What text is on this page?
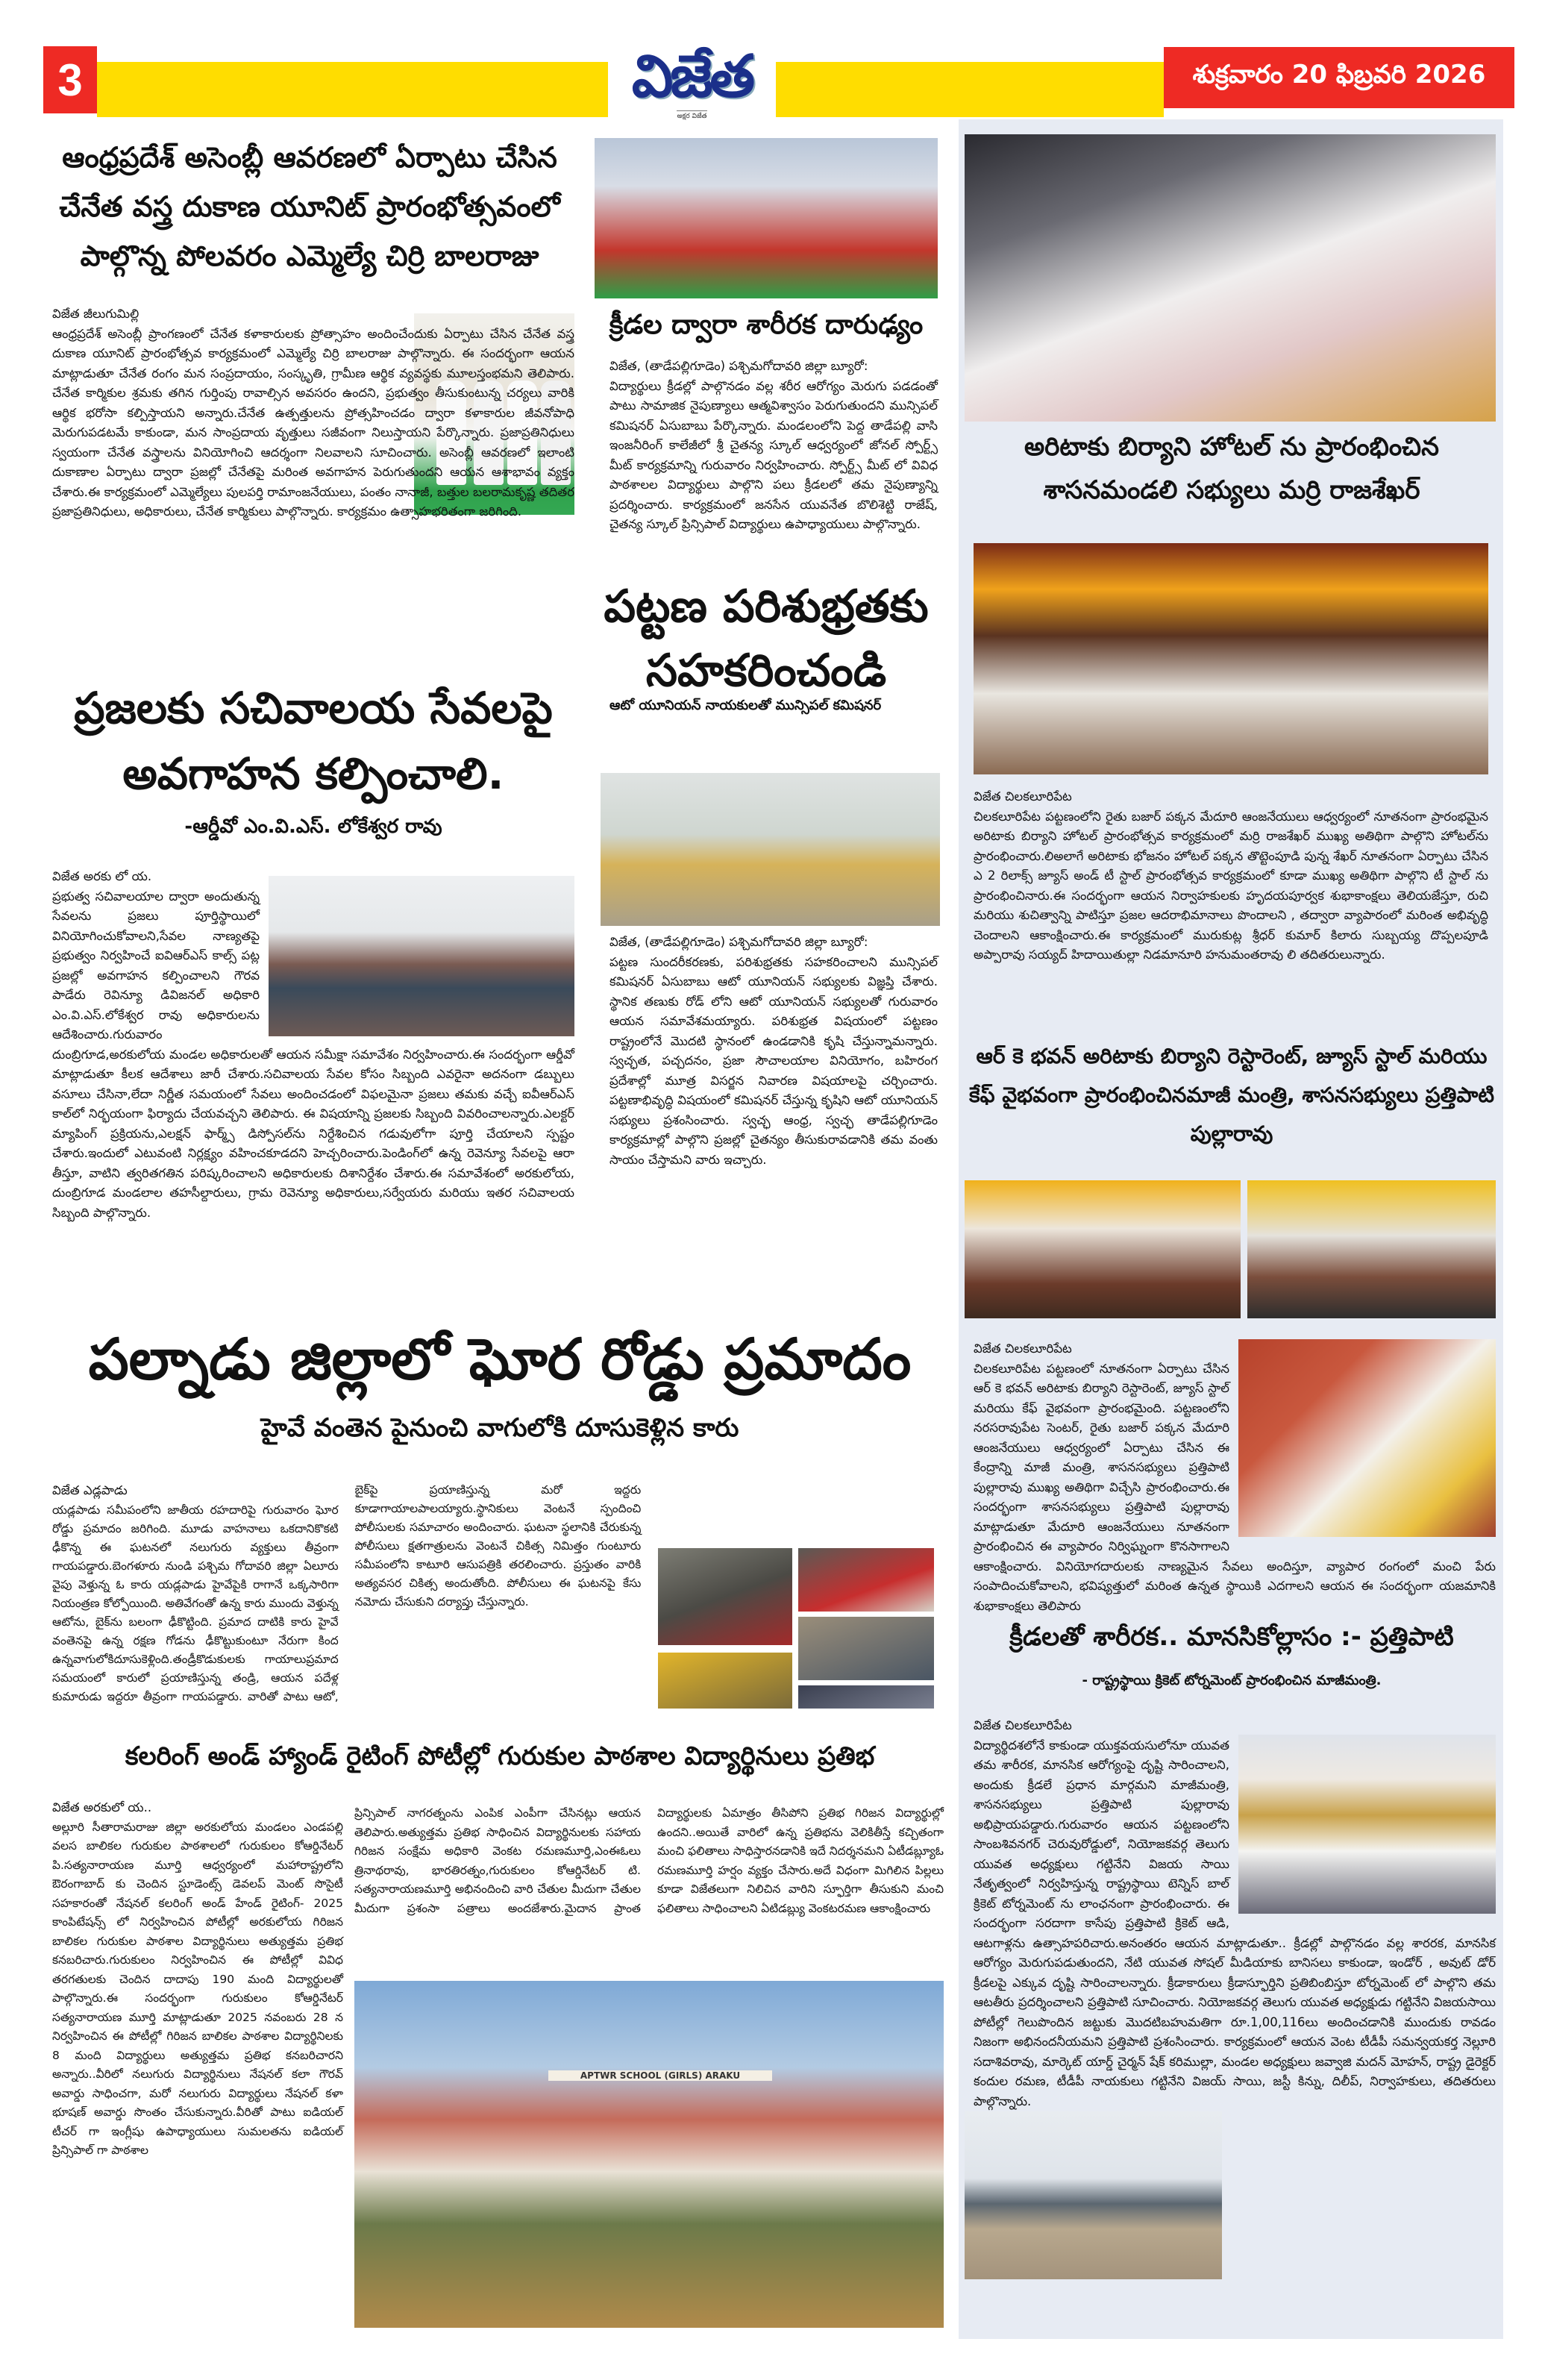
3	విజేత
అక్షర విజేత
శుక్రవారం 20 ఫిబ్రవరి 2026
ఆంధ్రప్రదేశ్ అసెంబ్లీ ఆవరణలో ఏర్పాటు చేసిన చేనేత వస్త్ర దుకాణ యూనిట్ ప్రారంభోత్సవంలో పాల్గొన్న పోలవరం ఎమ్మెల్యే చిర్రి బాలరాజు
విజేత జీలుగుమిల్లి

ఆంధ్రప్రదేశ్ అసెంబ్లీ ప్రాంగణంలో చేనేత కళాకారులకు ప్రోత్సాహం అందించేందుకు ఏర్పాటు చేసిన చేనేత వస్త్ర దుకాణ యూనిట్ ప్రారంభోత్సవ కార్యక్రమంలో ఎమ్మెల్యే చిర్రి బాలరాజు పాల్గొన్నారు. ఈ సందర్భంగా ఆయన మాట్లాడుతూ చేనేత రంగం మన సంప్రదాయం, సంస్కృతి, గ్రామీణ ఆర్థిక వ్యవస్థకు మూలస్తంభమని తెలిపారు. చేనేత కార్మికుల శ్రమకు తగిన గుర్తింపు రావాల్సిన అవసరం ఉందని, ప్రభుత్వం తీసుకుంటున్న చర్యలు వారికి ఆర్థిక భరోసా కల్పిస్తాయని అన్నారు.చేనేత ఉత్పత్తులను ప్రోత్సహించడం ద్వారా కళాకారుల జీవనోపాధి మెరుగుపడటమే కాకుండా, మన సాంప్రదాయ వృత్తులు సజీవంగా నిలుస్తాయని పేర్కొన్నారు. ప్రజాప్రతినిధులు స్వయంగా చేనేత వస్త్రాలను వినియోగించి ఆదర్శంగా నిలవాలని సూచించారు. అసెంబ్లీ ఆవరణలో ఇలాంటి దుకాణాల ఏర్పాటు ద్వారా ప్రజల్లో చేనేతపై మరింత అవగాహన పెరుగుతుందని ఆయన ఆశాభావం వ్యక్తం చేశారు.ఈ కార్యక్రమంలో ఎమ్మెల్యేలు పులపర్తి రామాంజనేయులు, పంతం నానాజీ, బత్తుల బలరామకృష్ణ తదితర ప్రజాప్రతినిధులు, అధికారులు, చేనేత కార్మికులు పాల్గొన్నారు. కార్యక్రమం ఉత్సాహభరితంగా జరిగింది.

ప్రజలకు సచివాలయ సేవలపై
అవగాహన కల్పించాలి.
-ఆర్డీవో ఎం.వి.ఎస్. లోకేశ్వర రావు
విజేత అరకు లో య.

ప్రభుత్వ సచివాలయాల ద్వారా అందుతున్న సేవలను ప్రజలు పూర్తిస్థాయిలో వినియోగించుకోవాలని,సేవల నాణ్యతపై ప్రభుత్వం నిర్వహించే ఐవిఆర్ఎస్ కాల్స్ పట్ల ప్రజల్లో అవగాహన కల్పించాలని గౌరవ పాడేరు రెవిన్యూ డివిజనల్ అధికారి ఎం.వి.ఎస్.లోకేశ్వర రావు అధికారులను ఆదేశించారు.గురువారం దుంబ్రిగూడ,అరకులోయ మండల అధికారులతో ఆయన సమీక్షా సమావేశం నిర్వహించారు.ఈ సందర్భంగా ఆర్డీవో మాట్లాడుతూ కీలక ఆదేశాలు జారీ చేశారు.సచివాలయ సేవల కోసం సిబ్బంది ఎవరైనా అదనంగా డబ్బులు వసూలు చేసినా,లేదా నిర్ణీత సమయంలో సేవలు అందించడంలో విఫలమైనా ప్రజలు తమకు వచ్చే ఐవీఆర్ఎస్ కాల్‌లో నిర్భయంగా ఫిర్యాదు చేయవచ్చని తెలిపారు. ఈ విషయాన్ని ప్రజలకు సిబ్బంది వివరించాలన్నారు.ఎలక్టర్ మ్యాపింగ్ ప్రక్రియను,ఎలక్షన్ ఫార్మ్స్ డిస్పోసల్‌ను నిర్దేశించిన గడువులోగా పూర్తి చేయాలని స్పష్టం చేశారు.ఇందులో ఎటువంటి నిర్లక్ష్యం వహించకూడదని హెచ్చరించారు.పెండింగ్‌లో ఉన్న రెవెన్యూ సేవలపై ఆరా తీస్తూ, వాటిని త్వరితగతిన పరిష్కరించాలని అధికారులకు దిశానిర్దేశం చేశారు.ఈ సమావేశంలో అరకులోయ, దుంబ్రిగూడ మండలాల తహసీల్దారులు, గ్రామ రెవెన్యూ అధికారులు,సర్వేయరు మరియు ఇతర సచివాలయ సిబ్బంది పాల్గొన్నారు.

క్రీడల ద్వారా శారీరక దారుఢ్యం
విజేత, (తాడేపల్లిగూడెం) పశ్చిమగోదావరి జిల్లా బ్యూరో:

విద్యార్థులు క్రీడల్లో పాల్గొనడం వల్ల శరీర ఆరోగ్యం మెరుగు పడడంతో పాటు సామాజిక నైపుణ్యాలు ఆత్మవిశ్వాసం పెరుగుతుందని మున్సిపల్ కమిషనర్ ఏసుబాబు పేర్కొన్నారు. మండలంలోని పెద్ద తాడేపల్లి వాసి ఇంజనీరింగ్ కాలేజీలో శ్రీ చైతన్య స్కూల్ ఆధ్వర్యంలో జోనల్ స్పోర్ట్స్ మీట్ కార్యక్రమాన్ని గురువారం నిర్వహించారు. స్పోర్ట్స్ మీట్ లో వివిధ పాఠశాలల విద్యార్థులు పాల్గొని పలు క్రీడలలో తమ నైపుణ్యాన్ని ప్రదర్శించారు. కార్యక్రమంలో జనసేన యువనేత బొలిశెట్టి రాజేష్, చైతన్య స్కూల్ ప్రిన్సిపాల్ విద్యార్థులు ఉపాధ్యాయులు పాల్గొన్నారు.

పట్టణ పరిశుభ్రతకు
సహకరించండి
ఆటో యూనియన్ నాయకులతో మున్సిపల్ కమిషనర్
విజేత, (తాడేపల్లిగూడెం) పశ్చిమగోదావరి జిల్లా బ్యూరో:

పట్టణ సుందరీకరణకు, పరిశుభ్రతకు సహకరించాలని మున్సిపల్ కమిషనర్ ఏసుబాబు ఆటో యూనియన్ సభ్యులకు విజ్ఞప్తి చేశారు. స్థానిక తణుకు రోడ్ లోని ఆటో యూనియన్ సభ్యులతో గురువారం ఆయన సమావేశమయ్యారు. పరిశుభ్రత విషయంలో పట్టణం రాష్ట్రంలోనే మొదటి స్థానంలో ఉండడానికి కృషి చేస్తున్నామన్నారు. స్వచ్ఛత, పచ్చదనం, ప్రజా సౌచాలయాల వినియోగం, బహిరంగ ప్రదేశాల్లో మూత్ర విసర్జన నివారణ విషయాలపై చర్చించారు. పట్టణాభివృద్ధి విషయంలో కమిషనర్ చేస్తున్న కృషిని ఆటో యూనియన్ సభ్యులు ప్రశంసించారు. స్వచ్ఛ ఆంధ్ర, స్వచ్ఛ తాడేపల్లిగూడెం కార్యక్రమాల్లో పాల్గొని ప్రజల్లో చైతన్యం తీసుకురావడానికి తమ వంతు సాయం చేస్తామని వారు ఇచ్చారు.

అరిటాకు బిర్యాని హోటల్ ను ప్రారంభించిన శాసనమండలి సభ్యులు మర్రి రాజశేఖర్
విజేత చిలకలూరిపేట

చిలకలూరిపేట పట్టణంలోని రైతు బజార్ పక్కన మేదూరి ఆంజనేయులు ఆధ్వర్యంలో నూతనంగా ప్రారంభమైన అరిటాకు బిర్యాని హోటల్ ప్రారంభోత్సవ కార్యక్రమంలో మర్రి రాజశేఖర్ ముఖ్య అతిథిగా పాల్గొని హోటల్‌ను ప్రారంభించారు.లిఅలాగే అరిటాకు భోజనం హోటల్ పక్కన తొట్టెంపూడి పున్న శేఖర్ నూతనంగా ఏర్పాటు చేసిన ఎ 2 రిలాక్స్ జ్యూస్ అండ్ టీ స్టాల్ ప్రారంభోత్సవ కార్యక్రమంలో కూడా ముఖ్య అతిథిగా పాల్గొని టీ స్టాల్ ను ప్రారంభించినారు.ఈ సందర్భంగా ఆయన నిర్వాహకులకు హృదయపూర్వక శుభాకాంక్షలు తెలియజేస్తూ, రుచి మరియు శుచిత్వాన్ని పాటిస్తూ ప్రజల ఆదరాభిమానాలు పొందాలని , తద్వారా వ్యాపారంలో మరింత అభివృద్ధి చెందాలని ఆకాంక్షించారు.ఈ కార్యక్రమంలో మురుకుట్ల శ్రీధర్ కుమార్ కిలారు సుబ్బయ్య దొప్పలపూడి అప్పారావు సయ్యద్ హిదాయితుల్లా నిడమానూరి హనుమంతరావు లి తదితరులున్నారు.

ఆర్ కె భవన్ అరిటాకు బిర్యాని రెస్టారెంట్, జ్యూస్ స్టాల్ మరియు కేఫ్ వైభవంగా ప్రారంభించినమాజీ మంత్రి, శాసనసభ్యులు ప్రత్తిపాటి పుల్లారావు
విజేత చిలకలూరిపేట

చిలకలూరిపేట పట్టణంలో నూతనంగా ఏర్పాటు చేసిన ఆర్ కె భవన్ అరిటాకు బిర్యాని రెస్టారెంట్, జ్యూస్ స్టాల్ మరియు కేఫ్ వైభవంగా ప్రారంభమైంది. పట్టణంలోని నరసరావుపేట సెంటర్, రైతు బజార్ పక్కన మేదూరి ఆంజనేయులు ఆధ్వర్యంలో ఏర్పాటు చేసిన ఈ కేంద్రాన్ని మాజీ మంత్రి, శాసనసభ్యులు ప్రత్తిపాటి పుల్లారావు ముఖ్య అతిథిగా విచ్చేసి ప్రారంభించారు.ఈ సందర్భంగా శాసనసభ్యులు ప్రత్తిపాటి పుల్లారావు మాట్లాడుతూ మేదూరి ఆంజనేయులు నూతనంగా ప్రారంభించిన ఈ వ్యాపారం నిర్విఘ్నంగా కొనసాగాలని ఆకాంక్షించారు. వినియోగదారులకు నాణ్యమైన సేవలు అందిస్తూ, వ్యాపార రంగంలో మంచి పేరు సంపాదించుకోవాలని, భవిష్యత్తులో మరింత ఉన్నత స్థాయికి ఎదగాలని ఆయన ఈ సందర్భంగా యజమానికి శుభాకాంక్షలు తెలిపారు

క్రీడలతో శారీరక.. మానసికోల్లాసం :- ప్రత్తిపాటి
- రాష్ట్రస్థాయి క్రికెట్ టోర్నమెంట్ ప్రారంభించిన మాజీమంత్రి.
విజేత చిలకలూరిపేట

విద్యార్థిదశలోనే కాకుండా యుక్తవయసులోనూ యువత తమ శారీరక, మానసిక ఆరోగ్యంపై దృష్టి సారించాలని, అందుకు క్రీడలే ప్రధాన మార్గమని మాజీమంత్రి, శాసనసభ్యులు ప్రత్తిపాటి పుల్లారావు అభిప్రాయపడ్డారు.గురువారం ఆయన పట్టణంలోని సాంబశివనగర్ చెరువురోడ్డులో, నియోజకవర్గ తెలుగు యువత అధ్యక్షులు గట్టినేని విజయ సాయి నేతృత్వంలో నిర్వహిస్తున్న రాష్ట్రస్థాయి టెన్నిస్ బాల్ క్రికెట్ టోర్నమెంట్ ను లాంఛనంగా ప్రారంభించారు. ఈ సందర్భంగా సరదాగా కాసేపు ప్రత్తిపాటి క్రికెట్ ఆడి, ఆటగాళ్లను ఉత్సాహపరిచారు.అనంతరం ఆయన మాట్లాడుతూ.. క్రీడల్లో పాల్గొనడం వల్ల శారరక, మానసిక ఆరోగ్యం మెరుగుపడుతుందని, నేటి యువత సోషల్ మీడియాకు బానిసలు కాకుండా, ఇండోర్ , అవుట్ డోర్ క్రీడలపై ఎక్కువ దృష్టి సారించాలన్నారు. క్రీడాకారులు క్రీడాస్ఫూర్తిని ప్రతిబింబిస్తూ టోర్నమెంట్ లో పాల్గొని తమ ఆటతీరు ప్రదర్శించాలని ప్రత్తిపాటి సూచించారు. నియోజకవర్గ తెలుగు యువత అధ్యక్షుడు గట్టినేని విజయసాయి పోటీల్లో గెలుపొందిన జట్టుకు మొదటిబహుమతిగా రూ.1,00,116లు అందించడానికి ముందుకు రావడం నిజంగా అభినందనీయమని ప్రత్తిపాటి ప్రశంసించారు. కార్యక్రమంలో ఆయన వెంట టీడీపీ సమన్వయకర్త నెల్లూరి సదాశివరావు, మార్కెట్ యార్డ్ చైర్మన్ షేక్ కరిముల్లా, మండల అధ్యక్షులు జవ్వాజి మదన్ మోహన్, రాష్ట్ర డైరెక్టర్ కందుల రమణ, టీడీపీ నాయకులు గట్టినేని విజయ్ సాయి, జస్టీ కిన్ను, దిలీప్, నిర్వాహకులు, తదితరులు పాల్గొన్నారు.

పల్నాడు జిల్లాలో ఘోర రోడ్డు ప్రమాదం
హైవే వంతెన పైనుంచి వాగులోకి దూసుకెళ్లిన కారు
విజేత ఎడ్లపాడు

యడ్లపాడు సమీపంలోని జాతీయ రహదారిపై గురువారం ఘోర రోడ్డు ప్రమాదం జరిగింది. మూడు వాహనాలు ఒకదానికొకటి ఢీకొన్న ఈ ఘటనలో నలుగురు వ్యక్తులు తీవ్రంగా గాయపడ్డారు.బెంగళూరు నుండి పశ్చిమ గోదావరి జిల్లా ఏలూరు వైపు వెళ్తున్న ఓ కారు యడ్లపాడు హైవేపైకి రాగానే ఒక్కసారిగా నియంత్రణ కోల్పోయింది. అతివేగంతో ఉన్న కారు ముందు వెళ్తున్న ఆటోను, బైక్‌ను బలంగా ఢీకొట్టింది. ప్రమాద దాటికి కారు హైవే వంతెనపై ఉన్న రక్షణ గోడను ఢీకొట్టుకుంటూ నేరుగా కింద ఉన్నవాగులోకిదూసుకెళ్లింది.తండ్రీకొడుకులకు గాయాలుప్రమాద సమయంలో కారులో ప్రయాణిస్తున్న తండ్రి, ఆయన పదేళ్ల కుమారుడు ఇద్దరూ తీవ్రంగా గాయపడ్డారు. వారితో పాటు ఆటో, బైక్‌పై ప్రయాణిస్తున్న మరో ఇద్దరు కూడాగాయాలపాలయ్యారు.స్థానికులు వెంటనే స్పందించి పోలీసులకు సమాచారం అందించారు. ఘటనా స్థలానికి చేరుకున్న పోలీసులు క్షతగాత్రులను వెంటనే చికిత్స నిమిత్తం గుంటూరు సమీపంలోని కాటూరి ఆసుపత్రికి తరలించారు. ప్రస్తుతం వారికి అత్యవసర చికిత్స అందుతోంది. పోలీసులు ఈ ఘటనపై కేసు నమోదు చేసుకుని దర్యాప్తు చేస్తున్నారు.

కలరింగ్ అండ్ హ్యాండ్ రైటింగ్ పోటీల్లో గురుకుల పాఠశాల విద్యార్థినులు ప్రతిభ
విజేత అరకులో య..

అల్లూరి సీతారామరాజు జిల్లా అరకులోయ మండలం ఎండపల్లి వలస బాలికల గురుకుల పాఠశాలలో గురుకులం కోఆర్డినేటర్ పి.సత్యనారాయణ మూర్తి ఆధ్వర్యంలో మహారాష్ట్రలోని ఔరంగాబాద్ కు చెందిన స్టూడెంట్స్ డెవలప్ మెంట్ సొసైటీ సహకారంతో నేషనల్ కలరింగ్ అండ్ హేండ్ రైటింగ్- 2025 కాంపిటేషన్స్ లో నిర్వహించిన పోటీల్లో అరకులోయ గిరిజన బాలికల గురుకుల పాఠశాల విద్యార్థినులు అత్యుత్తమ ప్రతిభ కనబరిచారు.గురుకులం నిర్వహించిన ఈ పోటీల్లో వివిధ తరగతులకు చెందిన దాదాపు 190 మంది విద్యార్థులతో పాల్గొన్నారు.ఈ సందర్భంగా గురుకులం కోఆర్డినేటర్ సత్యనారాయణ మూర్తి మాట్లాడుతూ 2025 నవంబరు 28 న నిర్వహించిన ఈ పోటీల్లో గిరిజన బాలికల పాఠశాల విద్యార్థినిలకు 8 మంది విద్యార్థులు అత్యుత్తమ ప్రతిభ కనబరిచారని అన్నారు..వీరిలో నలుగురు విద్యార్థినులు నేషనల్ కలా గౌరవ్ అవార్డు సాధించగా, మరో నలుగురు విద్యార్థులు నేషనల్ కళా భూషణ్ అవార్డు సొంతం చేసుకున్నారు.వీరితో పాటు ఐడియల్ టీచర్ గా ఇంగ్లీషు ఉపాధ్యాయులు సుమలతను ఐడియల్ ప్రిన్సిపాల్ గా పాఠశాల

ప్రిన్సిపాల్ నాగరత్నంను ఎంపిక ఎంపీగా చేసినట్లు ఆయన తెలిపారు.అత్యుత్తమ ప్రతిభ సాధించిన విద్యార్థినులకు సహాయ గిరిజన సంక్షేమ అధికారి వెంకట రమణమూర్తి,ఎంఈఓలు త్రినాథరావు, భారతిరత్నం,గురుకులం కోఆర్డినేటర్ టి. సత్యనారాయణమూర్తి అభినందించి వారి చేతుల మీదుగా చేతుల మీదుగా ప్రశంసా పత్రాలు అందజేశారు.మైదాన ప్రాంత విద్యార్థులకు ఏమాత్రం తీసిపోని ప్రతిభ గిరిజన విద్యార్థుల్లో ఉందని..అయితే వారిలో ఉన్న ప్రతిభను వెలికితీస్తే కచ్చితంగా మంచి ఫలితాలు సాధిస్తారనడానికి ఇదే నిదర్శనమని ఏటీడబ్ల్యూఓ రమణమూర్తి హర్షం వ్యక్తం చేసారు.అదే విధంగా మిగిలిన పిల్లలు కూడా విజేతలుగా నిలిచిన వారిని స్ఫూర్తిగా తీసుకుని మంచి ఫలితాలు సాధించాలని ఏటిడబ్ల్యు వెంకటరమణ ఆకాంక్షించారు

APTWR SCHOOL (GIRLS) ARAKU
